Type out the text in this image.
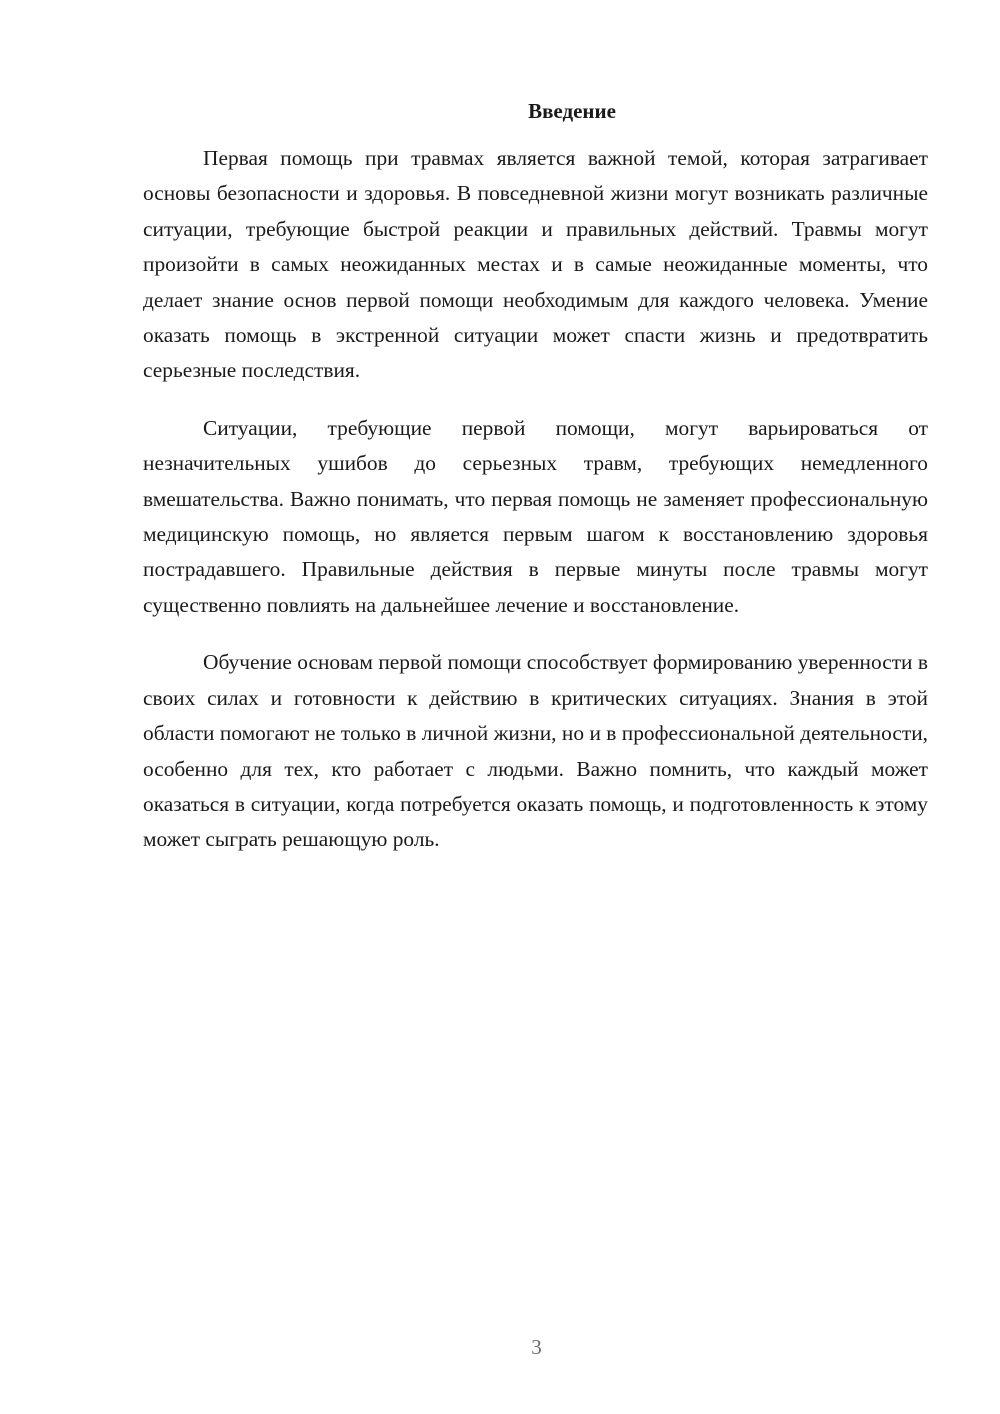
Введение

Первая помощь при травмах является важной темой, которая затрагивает основы безопасности и здоровья. В повседневной жизни могут возникать различные ситуации, требующие быстрой реакции и правильных действий. Травмы могут произойти в самых неожиданных местах и в самые неожиданные моменты, что делает знание основ первой помощи необходимым для каждого человека. Умение оказать помощь в экстренной ситуации может спасти жизнь и предотвратить серьезные последствия.

Ситуации, требующие первой помощи, могут варьироваться от незначительных ушибов до серьезных травм, требующих немедленного вмешательства. Важно понимать, что первая помощь не заменяет профессиональную медицинскую помощь, но является первым шагом к восстановлению здоровья пострадавшего. Правильные действия в первые минуты после травмы могут существенно повлиять на дальнейшее лечение и восстановление.

Обучение основам первой помощи способствует формированию уверенности в своих силах и готовности к действию в критических ситуациях. Знания в этой области помогают не только в личной жизни, но и в профессиональной деятельности, особенно для тех, кто работает с людьми. Важно помнить, что каждый может оказаться в ситуации, когда потребуется оказать помощь, и подготовленность к этому может сыграть решающую роль.

3
